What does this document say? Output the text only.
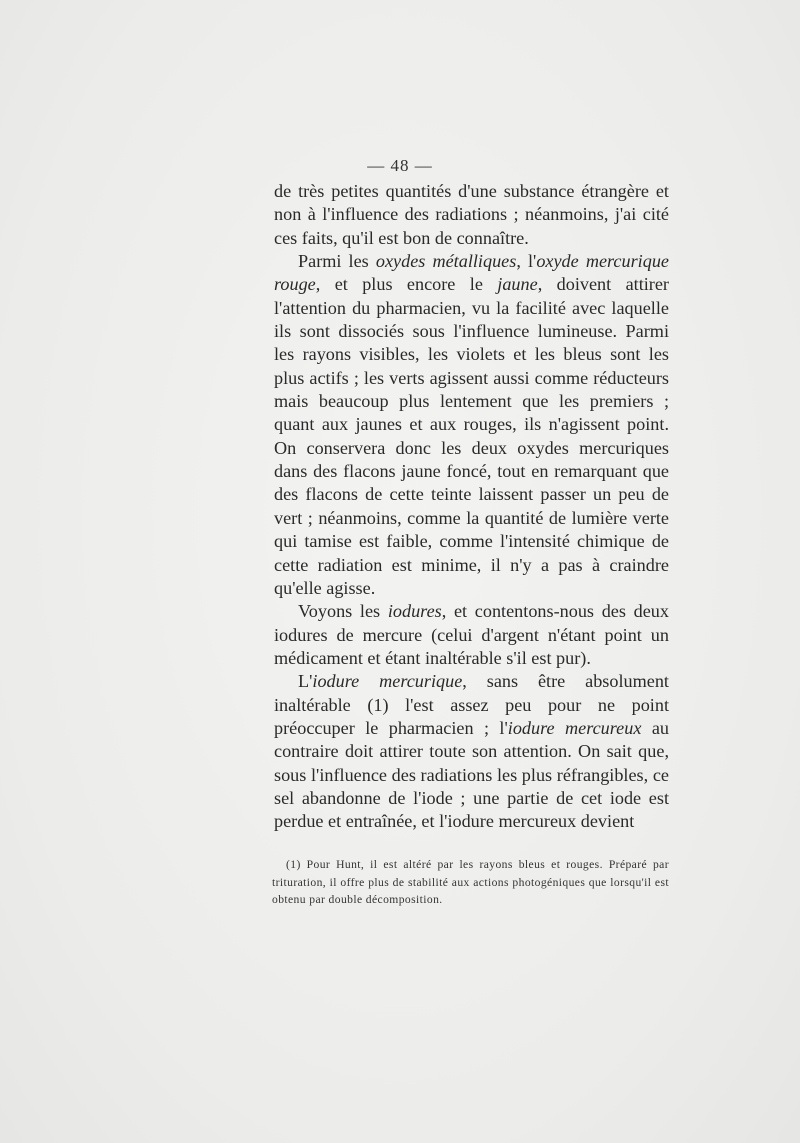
— 48 —

de très petites quantités d'une substance étrangère et non à l'influence des radiations ; néanmoins, j'ai cité ces faits, qu'il est bon de connaître.

Parmi les oxydes métalliques, l'oxyde mercurique rouge, et plus encore le jaune, doivent attirer l'attention du pharmacien, vu la facilité avec laquelle ils sont dissociés sous l'influence lumineuse. Parmi les rayons visibles, les violets et les bleus sont les plus actifs ; les verts agissent aussi comme réducteurs mais beaucoup plus lentement que les premiers ; quant aux jaunes et aux rouges, ils n'agissent point. On conservera donc les deux oxydes mercuriques dans des flacons jaune foncé, tout en remarquant que des flacons de cette teinte laissent passer un peu de vert ; néanmoins, comme la quantité de lumière verte qui tamise est faible, comme l'intensité chimique de cette radiation est minime, il n'y a pas à craindre qu'elle agisse.

Voyons les iodures, et contentons-nous des deux iodures de mercure (celui d'argent n'étant point un médicament et étant inaltérable s'il est pur).

L'iodure mercurique, sans être absolument inaltérable (1) l'est assez peu pour ne point préoccuper le pharmacien ; l'iodure mercureux au contraire doit attirer toute son attention. On sait que, sous l'influence des radiations les plus réfrangibles, ce sel abandonne de l'iode ; une partie de cet iode est perdue et entraînée, et l'iodure mercureux devient

(1) Pour Hunt, il est altéré par les rayons bleus et rouges. Préparé par trituration, il offre plus de stabilité aux actions photogéniques que lorsqu'il est obtenu par double décomposition.
